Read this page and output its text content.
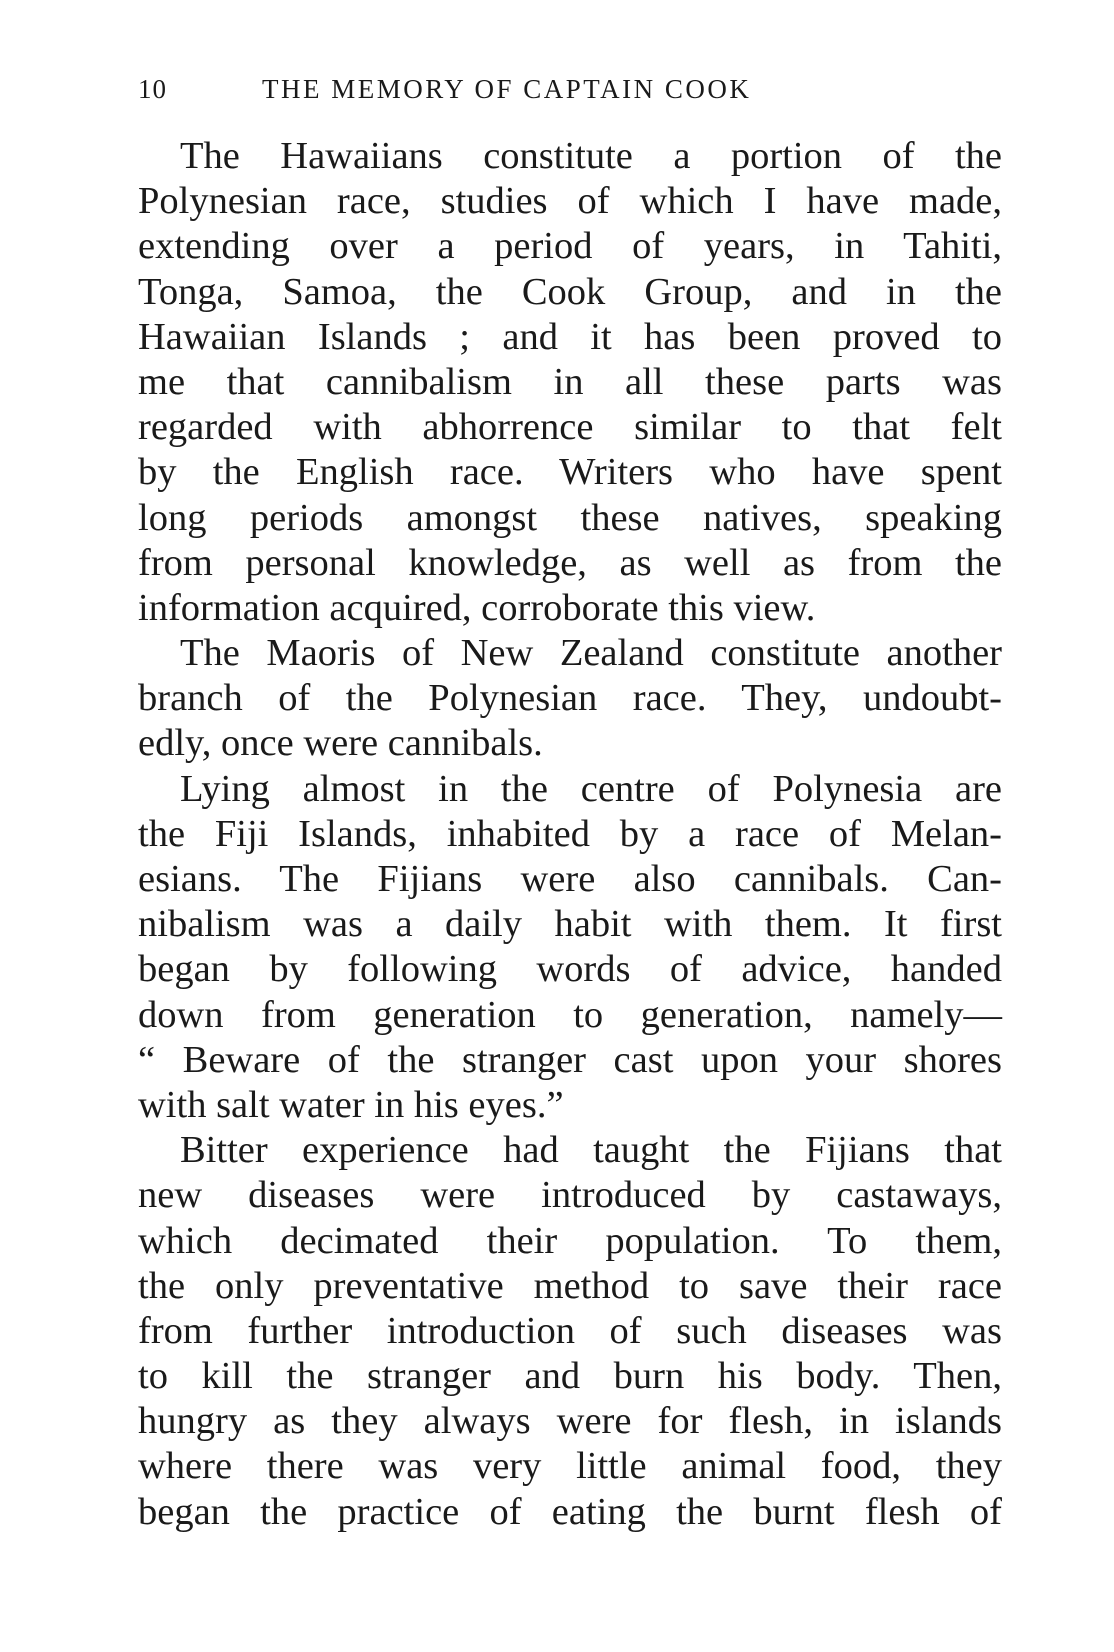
10	THE MEMORY OF CAPTAIN COOK
The Hawaiians constitute a portion of the
Polynesian race, studies of which I have made,
extending over a period of years, in Tahiti,
Tonga, Samoa, the Cook Group, and in the
Hawaiian Islands ; and it has been proved to
me that cannibalism in all these parts was
regarded with abhorrence similar to that felt
by the English race. Writers who have spent
long periods amongst these natives, speaking
from personal knowledge, as well as from the
information acquired, corroborate this view.
The Maoris of New Zealand constitute another
branch of the Polynesian race. They, undoubt-
edly, once were cannibals.
Lying almost in the centre of Polynesia are
the Fiji Islands, inhabited by a race of Melan-
esians. The Fijians were also cannibals. Can-
nibalism was a daily habit with them. It first
began by following words of advice, handed
down from generation to generation, namely—
“ Beware of the stranger cast upon your shores
with salt water in his eyes.”
Bitter experience had taught the Fijians that
new diseases were introduced by castaways,
which decimated their population. To them,
the only preventative method to save their race
from further introduction of such diseases was
to kill the stranger and burn his body. Then,
hungry as they always were for flesh, in islands
where there was very little animal food, they
began the practice of eating the burnt flesh of
